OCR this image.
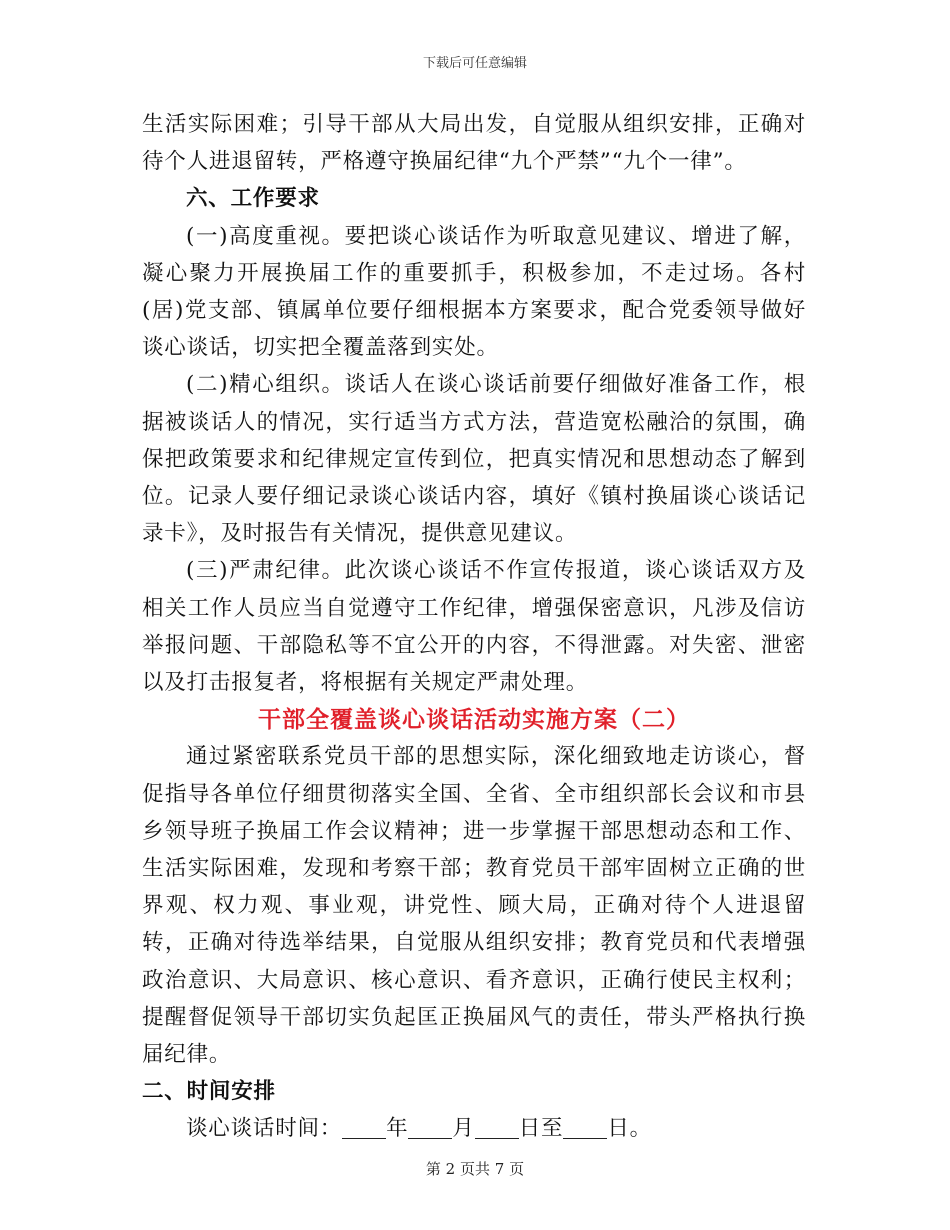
下载后可任意编辑

生活实际困难；引导干部从大局出发，自觉服从组织安排，正确对待个人进退留转，严格遵守换届纪律“九个严禁”“九个一律”。

六、工作要求

(一)高度重视。要把谈心谈话作为听取意见建议、增进了解，凝心聚力开展换届工作的重要抓手，积极参加，不走过场。各村(居)党支部、镇属单位要仔细根据本方案要求，配合党委领导做好谈心谈话，切实把全覆盖落到实处。

(二)精心组织。谈话人在谈心谈话前要仔细做好准备工作，根据被谈话人的情况，实行适当方式方法，营造宽松融洽的氛围，确保把政策要求和纪律规定宣传到位，把真实情况和思想动态了解到位。记录人要仔细记录谈心谈话内容，填好《镇村换届谈心谈话记录卡》，及时报告有关情况，提供意见建议。

(三)严肃纪律。此次谈心谈话不作宣传报道，谈心谈话双方及相关工作人员应当自觉遵守工作纪律，增强保密意识，凡涉及信访举报问题、干部隐私等不宜公开的内容，不得泄露。对失密、泄密以及打击报复者，将根据有关规定严肃处理。

干部全覆盖谈心谈话活动实施方案（二）

通过紧密联系党员干部的思想实际，深化细致地走访谈心，督促指导各单位仔细贯彻落实全国、全省、全市组织部长会议和市县乡领导班子换届工作会议精神；进一步掌握干部思想动态和工作、生活实际困难，发现和考察干部；教育党员干部牢固树立正确的世界观、权力观、事业观，讲党性、顾大局，正确对待个人进退留转，正确对待选举结果，自觉服从组织安排；教育党员和代表增强政治意识、大局意识、核心意识、看齐意识，正确行使民主权利；提醒督促领导干部切实负起匡正换届风气的责任，带头严格执行换届纪律。

二、时间安排

谈心谈话时间： 年 月 日至 日。

第 2 页共 7 页
